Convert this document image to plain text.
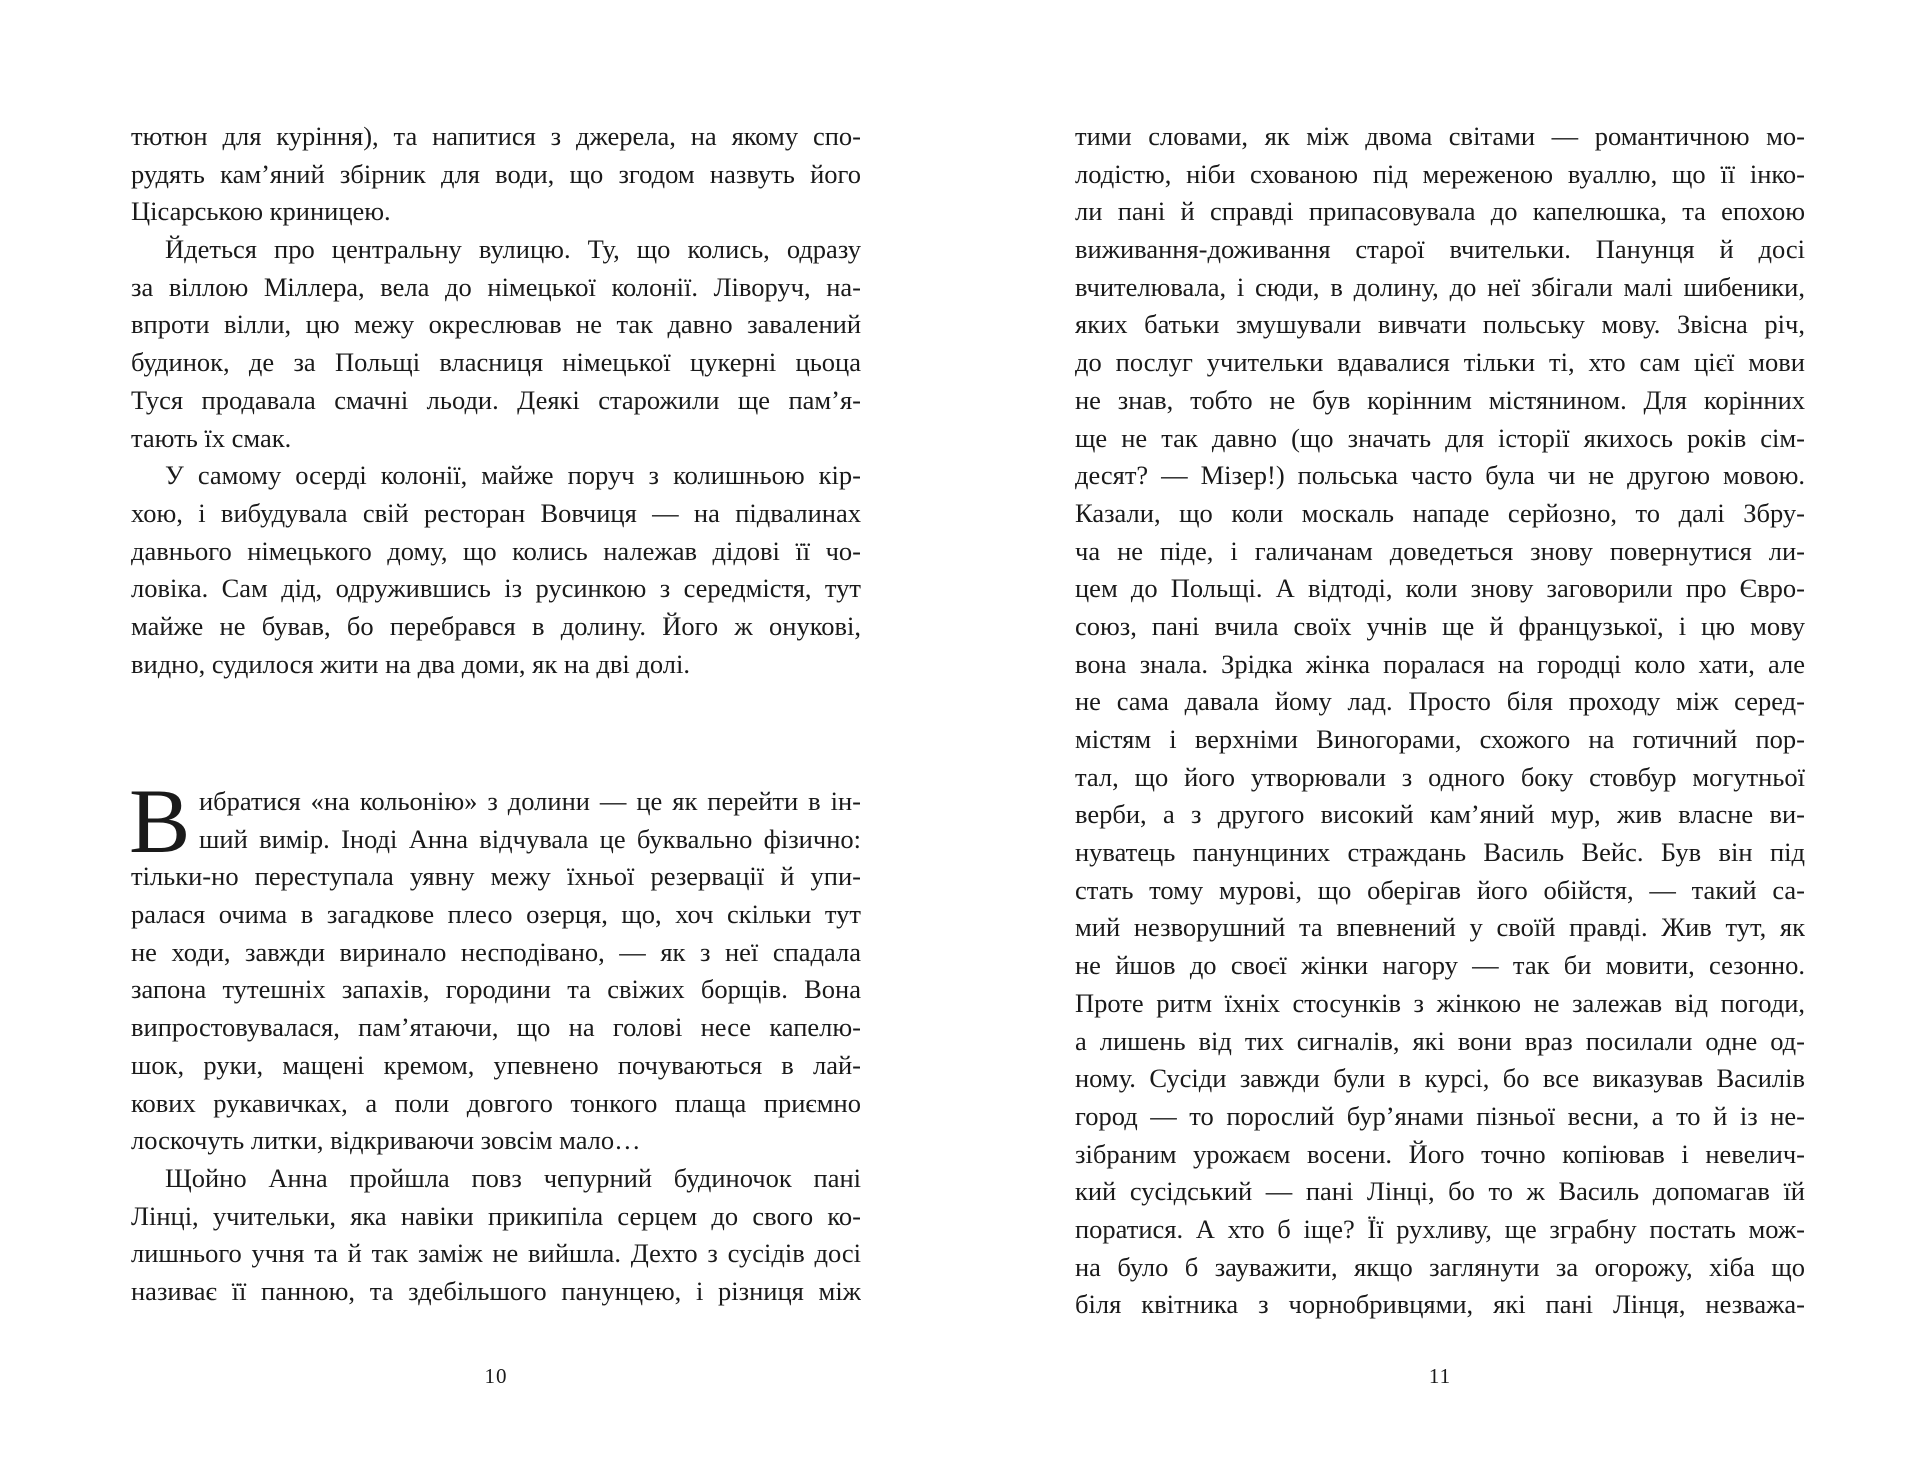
тютюн для куріння), та напитися з джерела, на якому спо-
рудять кам’яний збірник для води, що згодом назвуть його
Цісарською криницею.
Йдеться про центральну вулицю. Ту, що колись, одразу
за віллою Міллера, вела до німецької колонії. Ліворуч, на-
впроти вілли, цю межу окреслював не так давно завалений
будинок, де за Польщі власниця німецької цукерні цьоца
Туся продавала смачні льоди. Деякі старожили ще пам’я-
тають їх смак.
У самому осерді колонії, майже поруч з колишньою кір-
хою, і вибудувала свій ресторан Вовчиця — на підвалинах
давнього німецького дому, що колись належав дідові її чо-
ловіка. Сам дід, одружившись із русинкою з середмістя, тут
майже не бував, бо перебрався в долину. Його ж онукові,
видно, судилося жити на два доми, як на дві долі.
В ибратися «на кольонію» з долини — це як перейти в ін-
ший вимір. Іноді Анна відчувала це буквально фізично:
тільки-но переступала уявну межу їхньої резервації й упи-
ралася очима в загадкове плесо озерця, що, хоч скільки тут
не ходи, завжди виринало несподівано, — як з неї спадала
запона тутешніх запахів, городини та свіжих борщів. Вона
випростовувалася, пам’ятаючи, що на голові несе капелю-
шок, руки, мащені кремом, упевнено почуваються в лай-
кових рукавичках, а поли довгого тонкого плаща приємно
лоскочуть литки, відкриваючи зовсім мало…
Щойно Анна пройшла повз чепурний будиночок пані
Лінці, учительки, яка навіки прикипіла серцем до свого ко-
лишнього учня та й так заміж не вийшла. Дехто з сусідів досі
називає її панною, та здебільшого панунцею, і різниця між
10
тими словами, як між двома світами — романтичною мо-
лодістю, ніби схованою під мереженою вуаллю, що її інко-
ли пані й справді припасовувала до капелюшка, та епохою
виживання-доживання старої вчительки. Панунця й досі
вчителювала, і сюди, в долину, до неї збігали малі шибеники,
яких батьки змушували вивчати польську мову. Звісна річ,
до послуг учительки вдавалися тільки ті, хто сам цієї мови
не знав, тобто не був корінним містянином. Для корінних
ще не так давно (що значать для історії якихось років сім-
десят? — Мізер!) польська часто була чи не другою мовою.
Казали, що коли москаль нападе серйозно, то далі Збру-
ча не піде, і галичанам доведеться знову повернутися ли-
цем до Польщі. А відтоді, коли знову заговорили про Євро-
союз, пані вчила своїх учнів ще й французької, і цю мову
вона знала. Зрідка жінка поралася на городці коло хати, але
не сама давала йому лад. Просто біля проходу між серед-
містям і верхніми Виногорами, схожого на готичний пор-
тал, що його утворювали з одного боку стовбур могутньої
верби, а з другого високий кам’яний мур, жив власне ви-
нуватець панунциних страждань Василь Вейс. Був він під
стать тому мурові, що оберігав його обійстя, — такий са-
мий незворушний та впевнений у своїй правді. Жив тут, як
не йшов до своєї жінки нагору — так би мовити, сезонно.
Проте ритм їхніх стосунків з жінкою не залежав від погоди,
а лишень від тих сигналів, які вони враз посилали одне од-
ному. Сусіди завжди були в курсі, бо все виказував Василів
город — то порослий бур’янами пізньої весни, а то й із не-
зібраним урожаєм восени. Його точно копіював і невелич-
кий сусідський — пані Лінці, бо то ж Василь допомагав їй
поратися. А хто б іще? Її рухливу, ще зграбну постать мож-
на було б зауважити, якщо заглянути за огорожу, хіба що
біля квітника з чорнобривцями, які пані Лінця, незважа-
11
